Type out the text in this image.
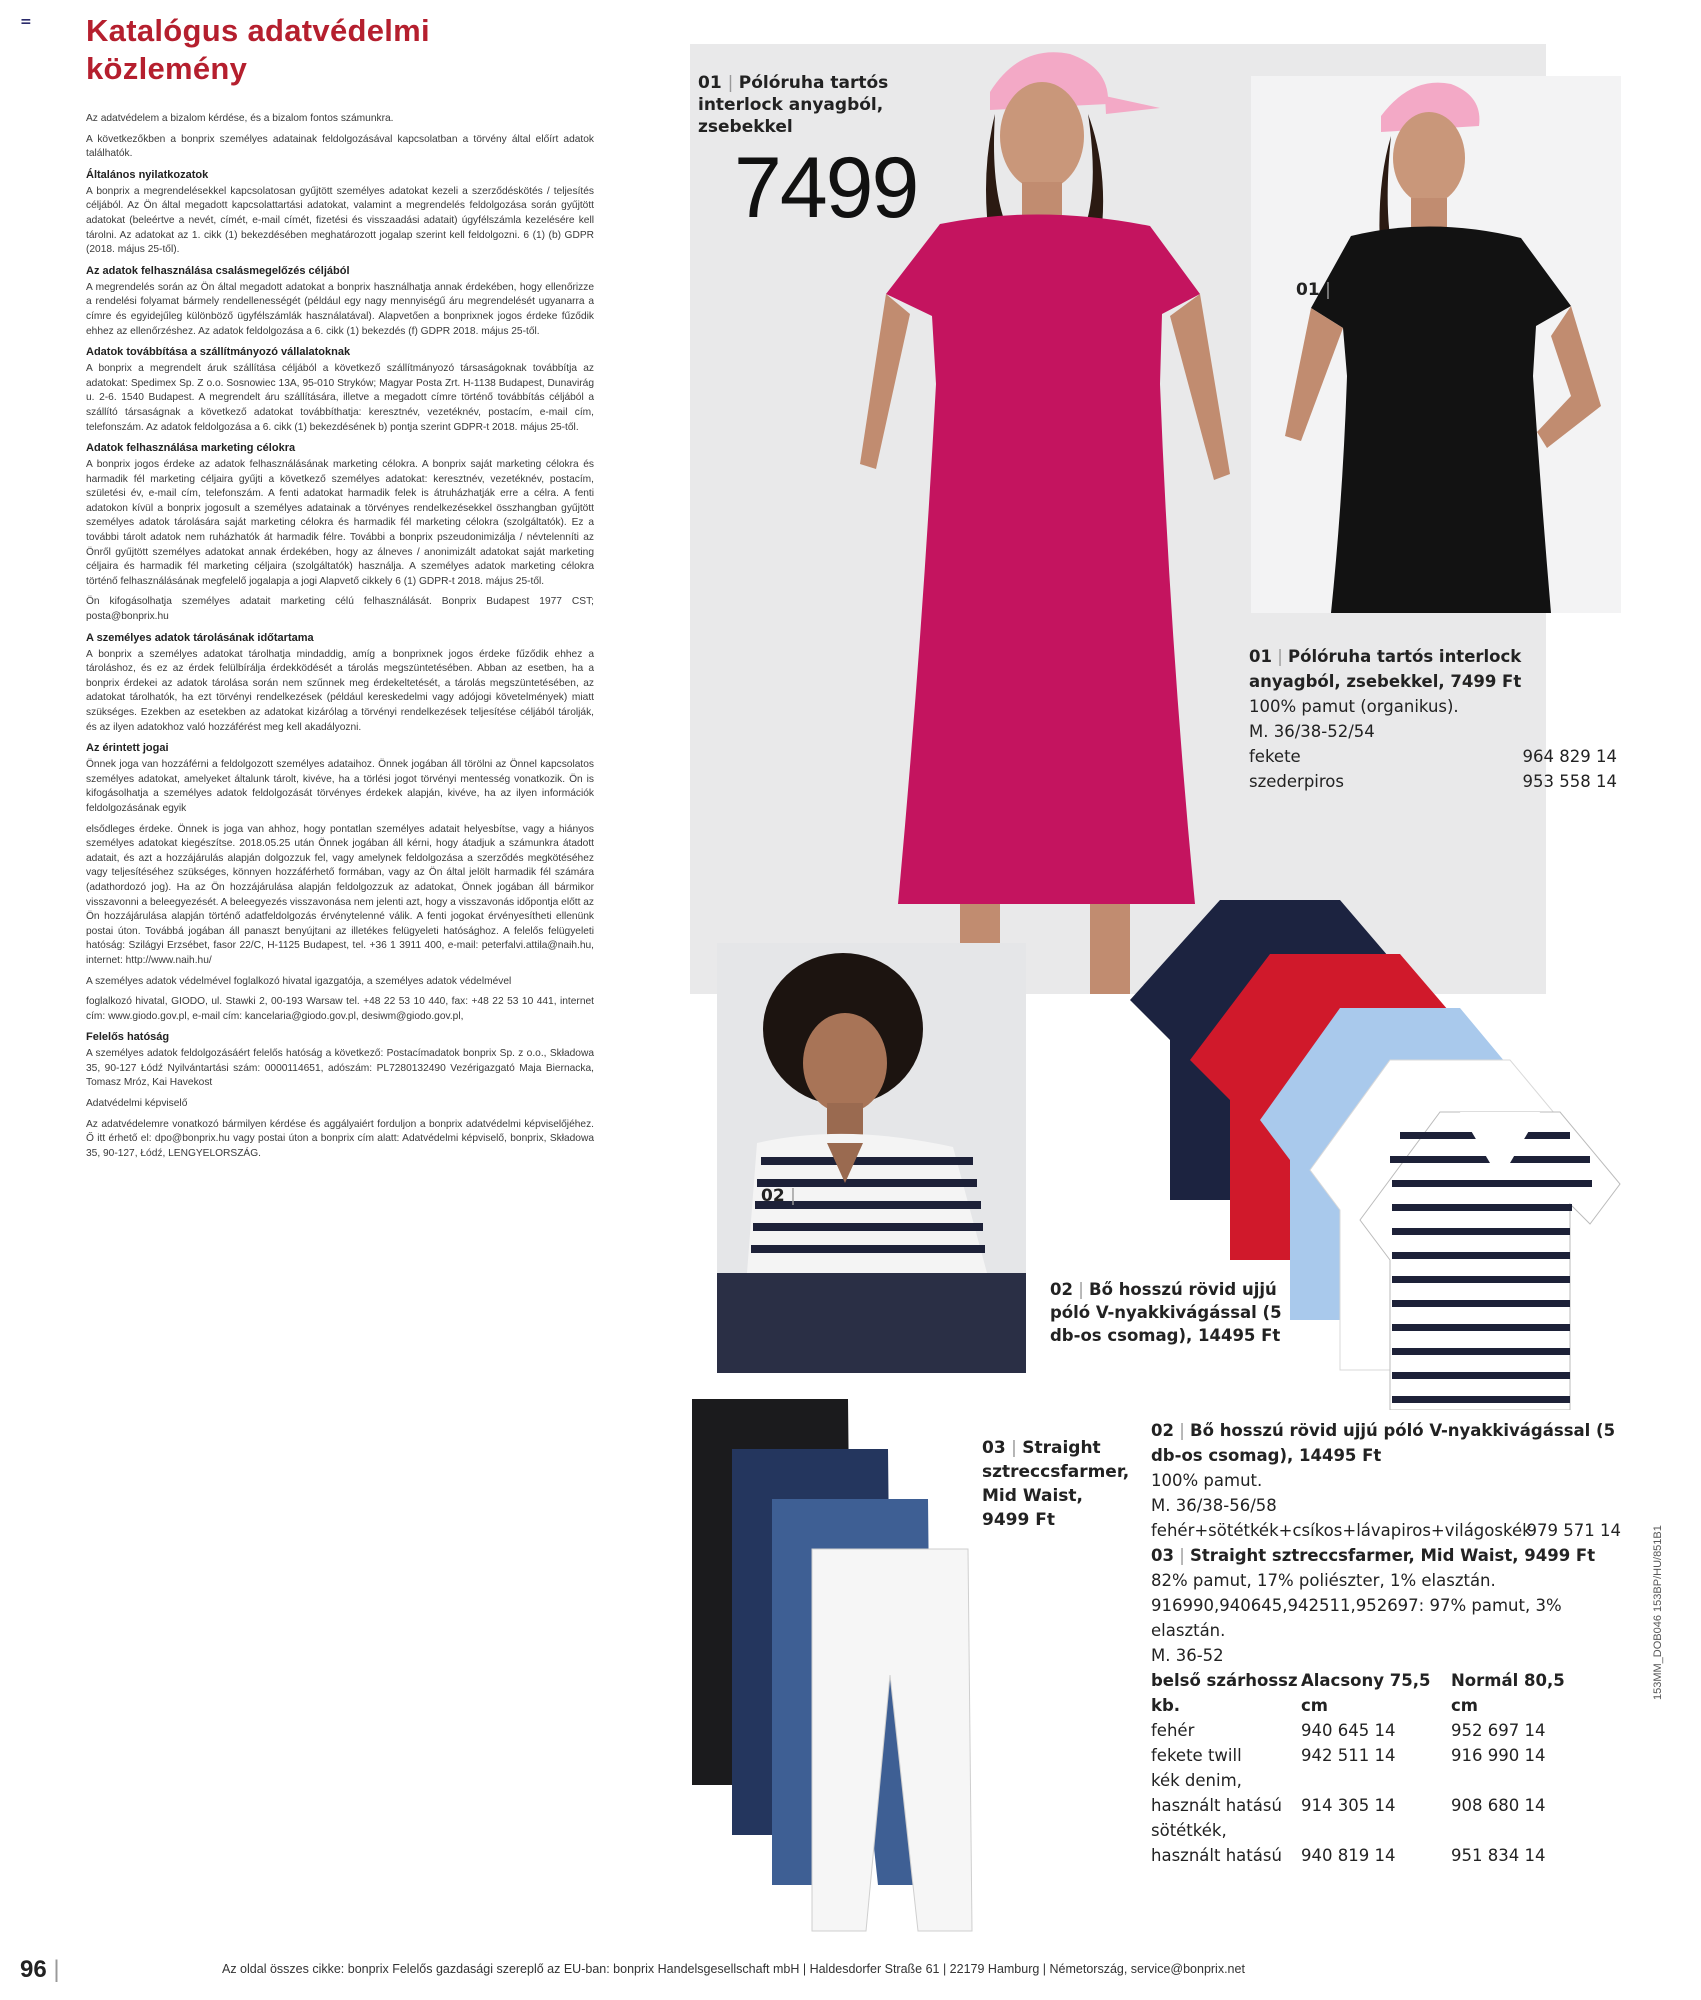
= Katalógus adatvédelmi
közlemény

Az adatvédelem a bizalom kérdése, és a bizalom fontos számunkra.

A következőkben a bonprix személyes adatainak feldolgozásával kapcsolatban a törvény által előírt adatok találhatók.

Általános nyilatkozatok

A bonprix a megrendelésekkel kapcsolatosan gyűjtött személyes adatokat kezeli a szerződéskötés / teljesítés céljából. Az Ön által megadott kapcsolattartási adatokat, valamint a megrendelés feldolgozása során gyűjtött adatokat (beleértve a nevét, címét, e-mail címét, fizetési és visszaadási adatait) úgyfélszámla kezelésére kell tárolni. Az adatokat az 1. cikk (1) bekezdésében meghatározott jogalap szerint kell feldolgozni. 6 (1) (b) GDPR (2018. május 25-től).

Az adatok felhasználása csalásmegelőzés céljából

A megrendelés során az Ön által megadott adatokat a bonprix használhatja annak érdekében, hogy ellenőrizze a rendelési folyamat bármely rendellenességét (például egy nagy mennyiségű áru megrendelését ugyanarra a címre és egyidejűleg különböző ügyfélszámlák használatával). Alapvetően a bonprixnek jogos érdeke fűződik ehhez az ellenőrzéshez. Az adatok feldolgozása a 6. cikk (1) bekezdés (f) GDPR 2018. május 25-től.

Adatok továbbítása a szállítmányozó vállalatoknak

A bonprix a megrendelt áruk szállítása céljából a következő szállítmányozó társaságoknak továbbítja az adatokat: Spedimex Sp. Z o.o. Sosnowiec 13A, 95-010 Stryków; Magyar Posta Zrt. H-1138 Budapest, Dunavirág u. 2-6. 1540 Budapest. A megrendelt áru szállítására, illetve a megadott címre történő továbbítás céljából a szállító társaságnak a következő adatokat továbbíthatja: keresztnév, vezetéknév, postacím, e-mail cím, telefonszám. Az adatok feldolgozása a 6. cikk (1) bekezdésének b) pontja szerint GDPR-t 2018. május 25-től.

Adatok felhasználása marketing célokra

A bonprix jogos érdeke az adatok felhasználásának marketing célokra. A bonprix saját marketing célokra és harmadik fél marketing céljaira gyűjti a következő személyes adatokat: keresztnév, vezetéknév, postacím, születési év, e-mail cím, telefonszám. A fenti adatokat harmadik felek is átruházhatják erre a célra. A fenti adatokon kívül a bonprix jogosult a személyes adatainak a törvényes rendelkezésekkel összhangban gyűjtött személyes adatok tárolására saját marketing célokra és harmadik fél marketing célokra (szolgáltatók). Ez a további tárolt adatok nem ruházhatók át harmadik félre. További a bonprix pszeudonimizálja / névtelenníti az Önről gyűjtött személyes adatokat annak érdekében, hogy az álneves / anonimizált adatokat saját marketing céljaira és harmadik fél marketing céljaira (szolgáltatók) használja. A személyes adatok marketing célokra történő felhasználásának megfelelő jogalapja a jogi Alapvető cikkely 6 (1) GDPR-t 2018. május 25-től.

Ön kifogásolhatja személyes adatait marketing célú felhasználását. Bonprix Budapest 1977 CST; posta@bonprix.hu

A személyes adatok tárolásának időtartama

A bonprix a személyes adatokat tárolhatja mindaddig, amíg a bonprixnek jogos érdeke fűződik ehhez a tároláshoz, és ez az érdek felülbírálja érdekködését a tárolás megszüntetésében. Abban az esetben, ha a bonprix érdekei az adatok tárolása során nem szűnnek meg érdekeltetését, a tárolás megszüntetésében, az adatokat tárolhatók, ha ezt törvényi rendelkezések (például kereskedelmi vagy adójogi követelmények) miatt szükséges. Ezekben az esetekben az adatokat kizárólag a törvényi rendelkezések teljesítése céljából tárolják, és az ilyen adatokhoz való hozzáférést meg kell akadályozni.

Az érintett jogai

Önnek joga van hozzáférni a feldolgozott személyes adataihoz. Önnek jogában áll törölni az Önnel kapcsolatos személyes adatokat, amelyeket általunk tárolt, kivéve, ha a törlési jogot törvényi mentesség vonatkozik. Ön is kifogásolhatja a személyes adatok feldolgozását törvényes érdekek alapján, kivéve, ha az ilyen információk feldolgozásának egyik

elsődleges érdeke. Önnek is joga van ahhoz, hogy pontatlan személyes adatait helyesbítse, vagy a hiányos személyes adatokat kiegészítse. 2018.05.25 után Önnek jogában áll kérni, hogy átadjuk a számunkra átadott adatait, és azt a hozzájárulás alapján dolgozzuk fel, vagy amelynek feldolgozása a szerződés megkötéséhez vagy teljesítéséhez szükséges, könnyen hozzáférhető formában, vagy az Ön által jelölt harmadik fél számára (adathordozó jog). Ha az Ön hozzájárulása alapján feldolgozzuk az adatokat, Önnek jogában áll bármikor visszavonni a beleegyezését. A beleegyezés visszavonása nem jelenti azt, hogy a visszavonás időpontja előtt az Ön hozzájárulása alapján történő adatfeldolgozás érvénytelenné válik. A fenti jogokat érvényesítheti ellenünk postai úton. Továbbá jogában áll panaszt benyújtani az illetékes felügyeleti hatósághoz. A felelős felügyeleti hatóság: Szilágyi Erzsébet, fasor 22/C, H-1125 Budapest, tel. +36 1 3911 400, e-mail: peterfalvi.attila@naih.hu, internet: http://www.naih.hu/

A személyes adatok védelmével foglalkozó hivatal igazgatója, a személyes adatok védelmével

foglalkozó hivatal, GIODO, ul. Stawki 2, 00-193 Warsaw tel. +48 22 53 10 440, fax: +48 22 53 10 441, internet cím: www.giodo.gov.pl, e-mail cím: kancelaria@giodo.gov.pl, desiwm@giodo.gov.pl,

Felelős hatóság

A személyes adatok feldolgozásáért felelős hatóság a következő: Postacímadatok bonprix Sp. z o.o., Składowa 35, 90-127 Łódź Nyilvántartási szám: 0000114651, adószám: PL7280132490 Vezérigazgató Maja Biernacka, Tomasz Mróz, Kai Havekost

Adatvédelmi képviselő

Az adatvédelemre vonatkozó bármilyen kérdése és aggályaiért forduljon a bonprix adatvédelmi képviselőjéhez. Ő itt érhető el: dpo@bonprix.hu vagy postai úton a bonprix cím alatt: Adatvédelmi képviselő, bonprix, Składowa 35, 90-127, Łódź, LENGYELORSZÁG.

01 | Pólóruha tartós interlock anyagból, zsebekkel
7499
01 |
01 | Pólóruha tartós interlock anyagból, zsebekkel, 7499 Ft
100% pamut (organikus).
M. 36/38-52/54
fekete	964 829 14
szederpiros	953 558 14
02 |
02 | Bő hosszú rövid ujjú póló V-nyakkivágással (5 db-os csomag), 14495 Ft
03 | Straight sztreccsfarmer, Mid Waist, 9499 Ft
02 | Bő hosszú rövid ujjú póló V-nyakkivágással (5 db-os csomag), 14495 Ft
100% pamut.
M. 36/38-56/58
fehér+sötétkék+csíkos+lávapiros+világoskék
979 571 14
03 | Straight sztreccsfarmer, Mid Waist, 9499 Ft
82% pamut, 17% poliészter, 1% elasztán. 916990,940645,942511,952697: 97% pamut, 3% elasztán.
M. 36-52
belső szárhossz kb.	Alacsony 75,5 cm	Normál 80,5 cm
fehér	940 645 14	952 697 14
fekete twill	942 511 14	916 990 14
kék denim, használt hatású	914 305 14	908 680 14
sötétkék, használt hatású	940 819 14	951 834 14
153MM_DOB046 153BP/HU/851B1
96 |	Az oldal összes cikke: bonprix Felelős gazdasági szereplő az EU-ban: bonprix Handelsgesellschaft mbH | Haldesdorfer Straße 61 | 22179 Hamburg | Németország, service@bonprix.net
